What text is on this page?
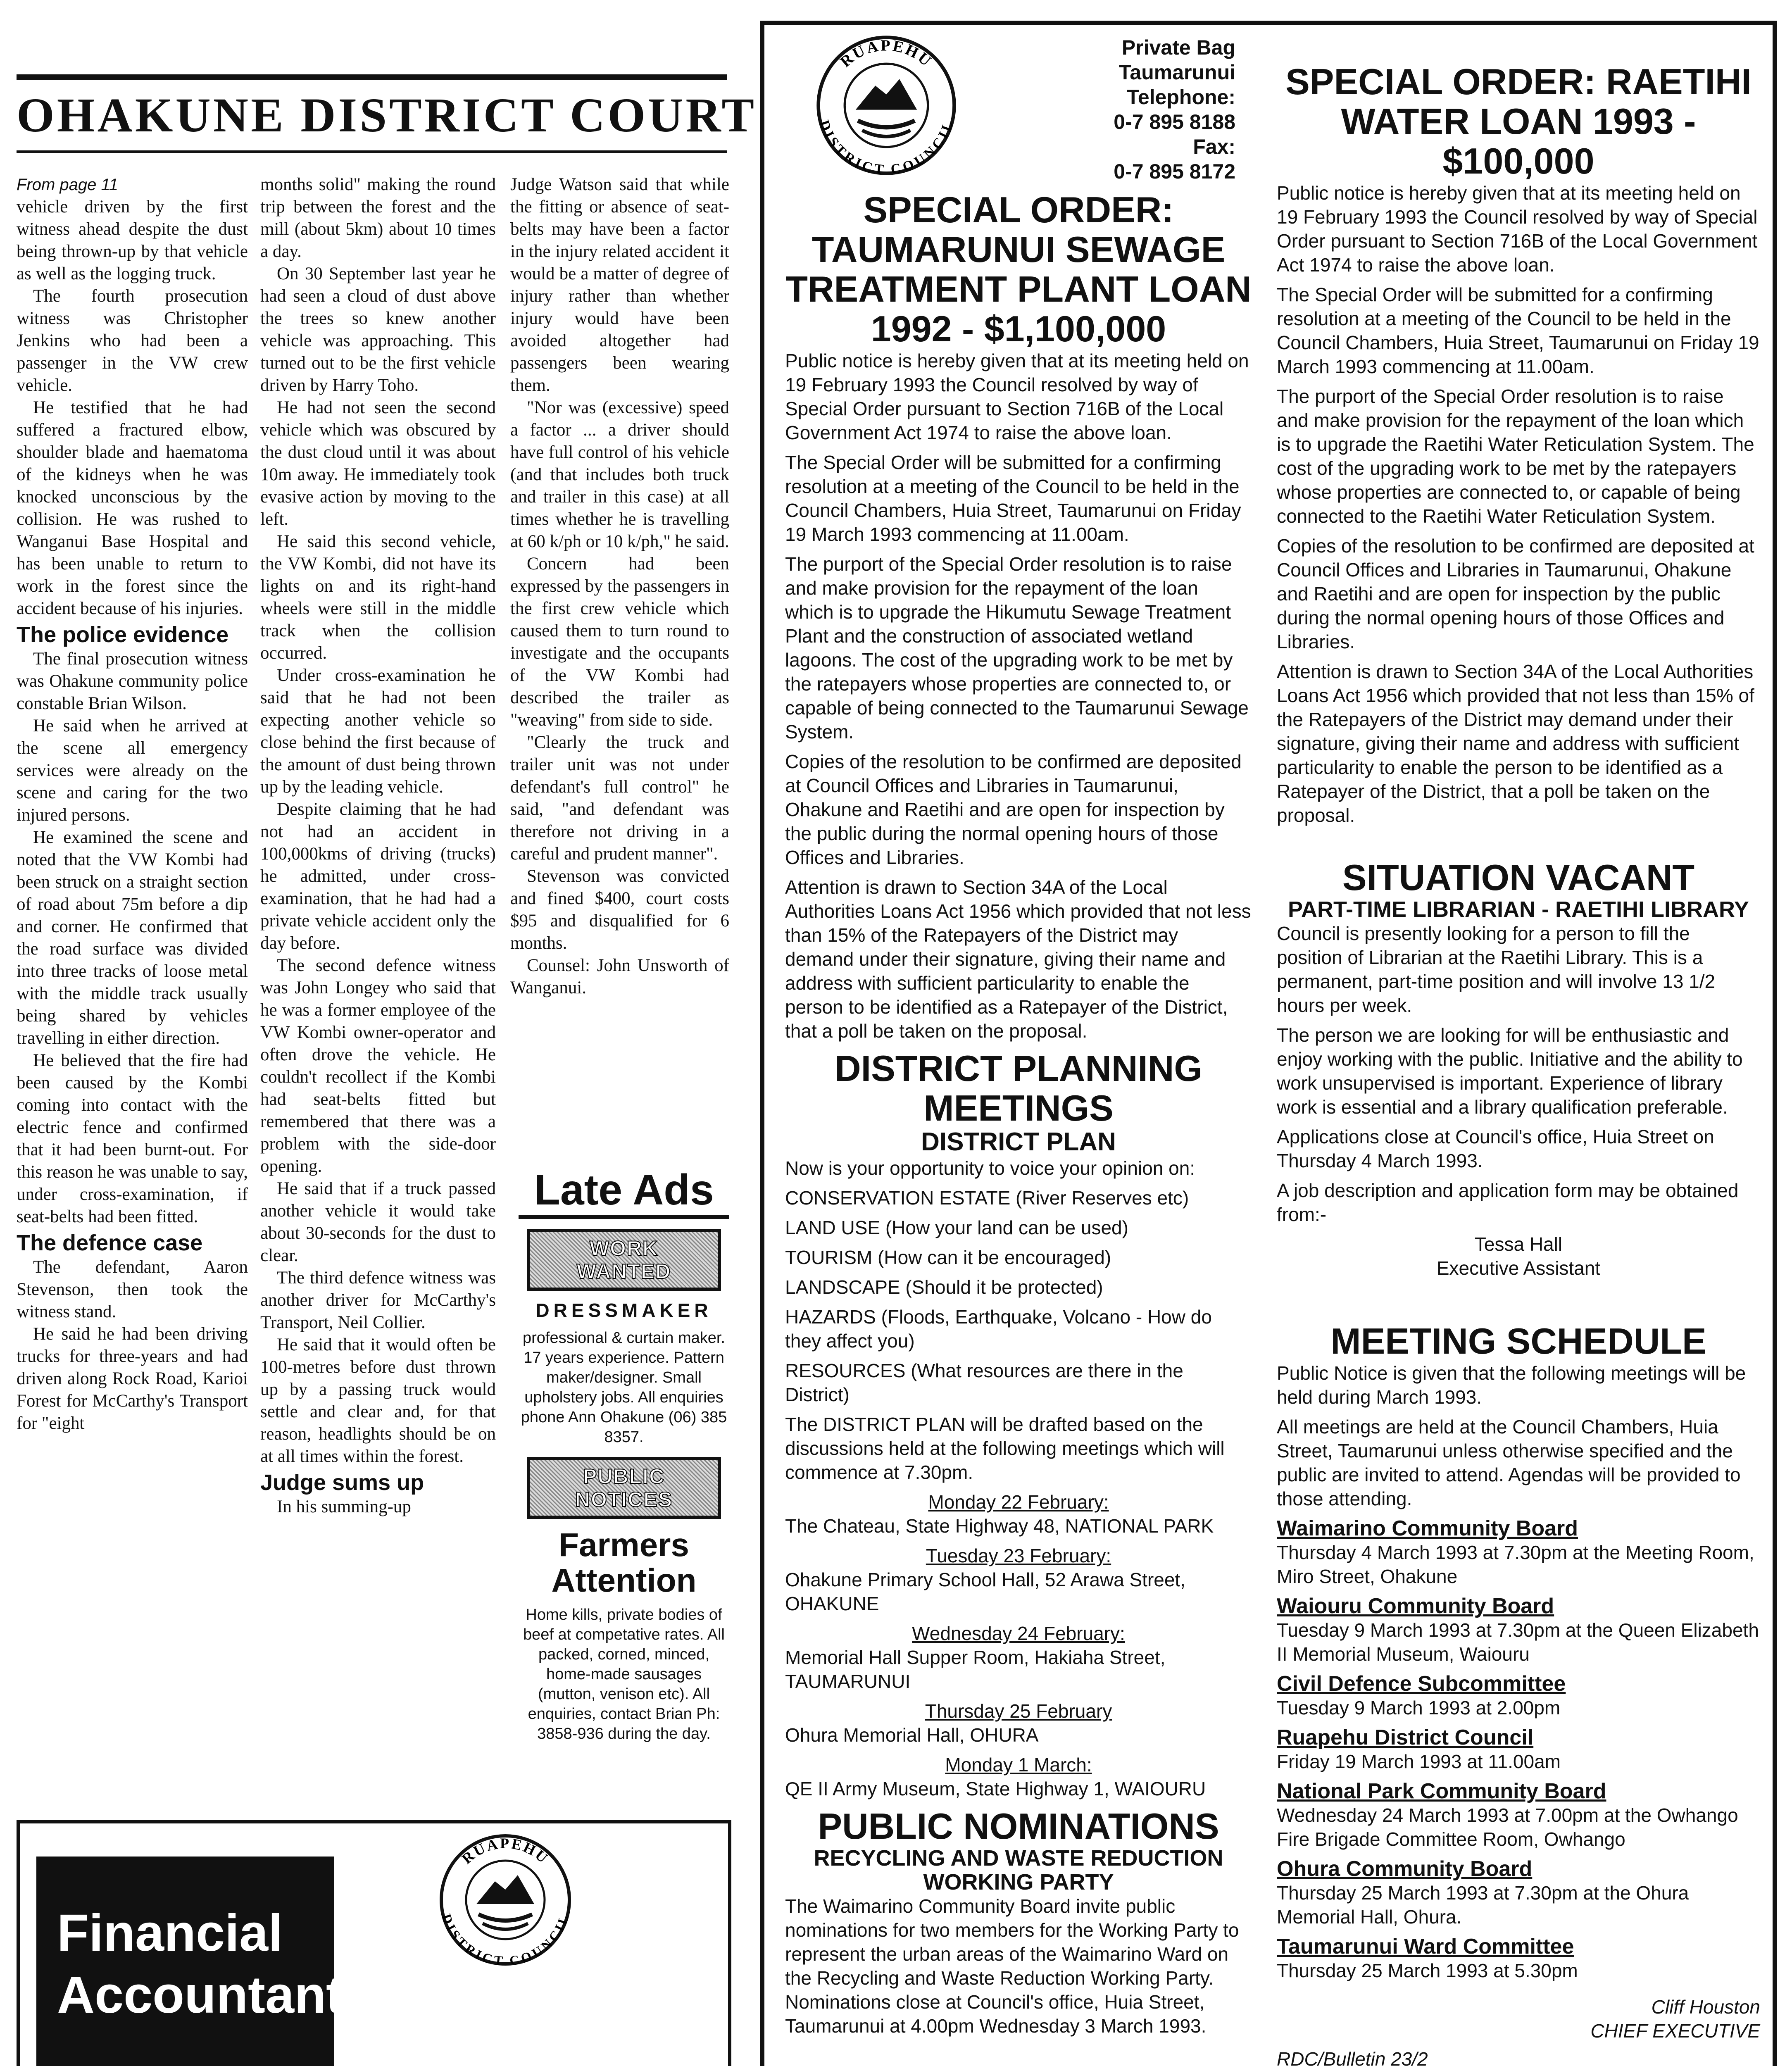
OHAKUNE DISTRICT COURT

From page 11

vehicle driven by the first witness ahead despite the dust being thrown-up by that vehicle as well as the logging truck.

The fourth prosecution witness was Christopher Jenkins who had been a passenger in the VW crew vehicle.

He testified that he had suffered a fractured elbow, shoulder blade and haematoma of the kidneys when he was knocked unconscious by the collision. He was rushed to Wanganui Base Hospital and has been unable to return to work in the forest since the accident because of his injuries.

The police evidence

The final prosecution witness was Ohakune community police constable Brian Wilson.

He said when he arrived at the scene all emergency services were already on the scene and caring for the two injured persons.

He examined the scene and noted that the VW Kombi had been struck on a straight section of road about 75m before a dip and corner. He confirmed that the road surface was divided into three tracks of loose metal with the middle track usually being shared by vehicles travelling in either direction.

He believed that the fire had been caused by the Kombi coming into contact with the electric fence and confirmed that it had been burnt-out. For this reason he was unable to say, under cross-examination, if seat-belts had been fitted.

The defence case

The defendant, Aaron Stevenson, then took the witness stand.

He said he had been driving trucks for three-years and had driven along Rock Road, Karioi Forest for McCarthy's Transport for "eight

months solid" making the round trip between the forest and the mill (about 5km) about 10 times a day.

On 30 September last year he had seen a cloud of dust above the trees so knew another vehicle was approaching. This turned out to be the first vehicle driven by Harry Toho.

He had not seen the second vehicle which was obscured by the dust cloud until it was about 10m away. He immediately took evasive action by moving to the left.

He said this second vehicle, the VW Kombi, did not have its lights on and its right-hand wheels were still in the middle track when the collision occurred.

Under cross-examination he said that he had not been expecting another vehicle so close behind the first because of the amount of dust being thrown up by the leading vehicle.

Despite claiming that he had not had an accident in 100,000kms of driving (trucks) he admitted, under cross-examination, that he had had a private vehicle accident only the day before.

The second defence witness was John Longey who said that he was a former employee of the VW Kombi owner-operator and often drove the vehicle. He couldn't recollect if the Kombi had seat-belts fitted but remembered that there was a problem with the side-door opening.

He said that if a truck passed another vehicle it would take about 30-seconds for the dust to clear.

The third defence witness was another driver for McCarthy's Transport, Neil Collier.

He said that it would often be 100-metres before dust thrown up by a passing truck would settle and clear and, for that reason, headlights should be on at all times within the forest.

Judge sums up

In his summing-up

Judge Watson said that while the fitting or absence of seat-belts may have been a factor in the injury related accident it would be a matter of degree of injury rather than whether injury would have been avoided altogether had passengers been wearing them.

"Nor was (excessive) speed a factor ... a driver should have full control of his vehicle (and that includes both truck and trailer in this case) at all times whether he is travelling at 60 k/ph or 10 k/ph," he said.

Concern had been expressed by the passengers in the first crew vehicle which caused them to turn round to investigate and the occupants of the VW Kombi had described the trailer as "weaving" from side to side.

"Clearly the truck and trailer unit was not under defendant's full control" he said, "and defendant was therefore not driving in a careful and prudent manner".

Stevenson was convicted and fined $400, court costs $95 and disqualified for 6 months.

Counsel: John Unsworth of Wanganui.

Late Ads
WORK
WANTED
DRESSMAKER
professional & curtain maker. 17 years experience. Pattern maker/designer. Small upholstery jobs. All enquiries phone Ann Ohakune (06) 385 8357.
PUBLIC
NOTICES
Farmers Attention
Home kills, private bodies of beef at competative rates. All packed, corned, minced, home-made sausages (mutton, venison etc). All enquiries, contact Brian Ph: 3858-936 during the day.
RUAPEHU
DISTRICT COUNCIL
Financial
Accountant

RUAPEHU
DISTRICT COUNCIL
Private Bag
Taumarunui
Telephone:
0-7 895 8188
Fax:
0-7 895 8172
SPECIAL ORDER: TAUMARUNUI SEWAGE TREATMENT PLANT LOAN 1992 - $1,100,000

Public notice is hereby given that at its meeting held on 19 February 1993 the Council resolved by way of Special Order pursuant to Section 716B of the Local Government Act 1974 to raise the above loan.

The Special Order will be submitted for a confirming resolution at a meeting of the Council to be held in the Council Chambers, Huia Street, Taumarunui on Friday 19 March 1993 commencing at 11.00am.

The purport of the Special Order resolution is to raise and make provision for the repayment of the loan which is to upgrade the Hikumutu Sewage Treatment Plant and the construction of associated wetland lagoons. The cost of the upgrading work to be met by the ratepayers whose properties are connected to, or capable of being connected to the Taumarunui Sewage System.

Copies of the resolution to be confirmed are deposited at Council Offices and Libraries in Taumarunui, Ohakune and Raetihi and are open for inspection by the public during the normal opening hours of those Offices and Libraries.

Attention is drawn to Section 34A of the Local Authorities Loans Act 1956 which provided that not less than 15% of the Ratepayers of the District may demand under their signature, giving their name and address with sufficient particularity to enable the person to be identified as a Ratepayer of the District, that a poll be taken on the proposal.

DISTRICT PLANNING MEETINGS
DISTRICT PLAN

Now is your opportunity to voice your opinion on:

CONSERVATION ESTATE (River Reserves etc)

LAND USE (How your land can be used)

TOURISM (How can it be encouraged)

LANDSCAPE (Should it be protected)

HAZARDS (Floods, Earthquake, Volcano - How do they affect you)

RESOURCES (What resources are there in the District)

The DISTRICT PLAN will be drafted based on the discussions held at the following meetings which will commence at 7.30pm.

Monday 22 February:

The Chateau, State Highway 48, NATIONAL PARK

Tuesday 23 February:

Ohakune Primary School Hall, 52 Arawa Street, OHAKUNE

Wednesday 24 February:

Memorial Hall Supper Room, Hakiaha Street, TAUMARUNUI

Thursday 25 February

Ohura Memorial Hall, OHURA

Monday 1 March:

QE II Army Museum, State Highway 1, WAIOURU

PUBLIC NOMINATIONS
RECYCLING AND WASTE REDUCTION WORKING PARTY

The Waimarino Community Board invite public nominations for two members for the Working Party to represent the urban areas of the Waimarino Ward on the Recycling and Waste Reduction Working Party. Nominations close at Council's office, Huia Street, Taumarunui at 4.00pm Wednesday 3 March 1993.

SPECIAL ORDER: RAETIHI WATER LOAN 1993 - $100,000

Public notice is hereby given that at its meeting held on 19 February 1993 the Council resolved by way of Special Order pursuant to Section 716B of the Local Government Act 1974 to raise the above loan.

The Special Order will be submitted for a confirming resolution at a meeting of the Council to be held in the Council Chambers, Huia Street, Taumarunui on Friday 19 March 1993 commencing at 11.00am.

The purport of the Special Order resolution is to raise and make provision for the repayment of the loan which is to upgrade the Raetihi Water Reticulation System. The cost of the upgrading work to be met by the ratepayers whose properties are connected to, or capable of being connected to the Raetihi Water Reticulation System.

Copies of the resolution to be confirmed are deposited at Council Offices and Libraries in Taumarunui, Ohakune and Raetihi and are open for inspection by the public during the normal opening hours of those Offices and Libraries.

Attention is drawn to Section 34A of the Local Authorities Loans Act 1956 which provided that not less than 15% of the Ratepayers of the District may demand under their signature, giving their name and address with sufficient particularity to enable the person to be identified as a Ratepayer of the District, that a poll be taken on the proposal.

SITUATION VACANT
PART-TIME LIBRARIAN - RAETIHI LIBRARY

Council is presently looking for a person to fill the position of Librarian at the Raetihi Library. This is a permanent, part-time position and will involve 13 1/2 hours per week.

The person we are looking for will be enthusiastic and enjoy working with the public. Initiative and the ability to work unsupervised is important. Experience of library work is essential and a library qualification preferable.

Applications close at Council's office, Huia Street on Thursday 4 March 1993.

A job description and application form may be obtained from:-

Tessa Hall
Executive Assistant
MEETING SCHEDULE

Public Notice is given that the following meetings will be held during March 1993.

All meetings are held at the Council Chambers, Huia Street, Taumarunui unless otherwise specified and the public are invited to attend. Agendas will be provided to those attending.

Waimarino Community Board

Thursday 4 March 1993 at 7.30pm at the Meeting Room, Miro Street, Ohakune

Waiouru Community Board

Tuesday 9 March 1993 at 7.30pm at the Queen Elizabeth II Memorial Museum, Waiouru

Civil Defence Subcommittee

Tuesday 9 March 1993 at 2.00pm

Ruapehu District Council

Friday 19 March 1993 at 11.00am

National Park Community Board

Wednesday 24 March 1993 at 7.00pm at the Owhango Fire Brigade Committee Room, Owhango

Ohura Community Board

Thursday 25 March 1993 at 7.30pm at the Ohura Memorial Hall, Ohura.

Taumarunui Ward Committee

Thursday 25 March 1993 at 5.30pm

Cliff Houston
CHIEF EXECUTIVE
RDC/Bulletin 23/2
